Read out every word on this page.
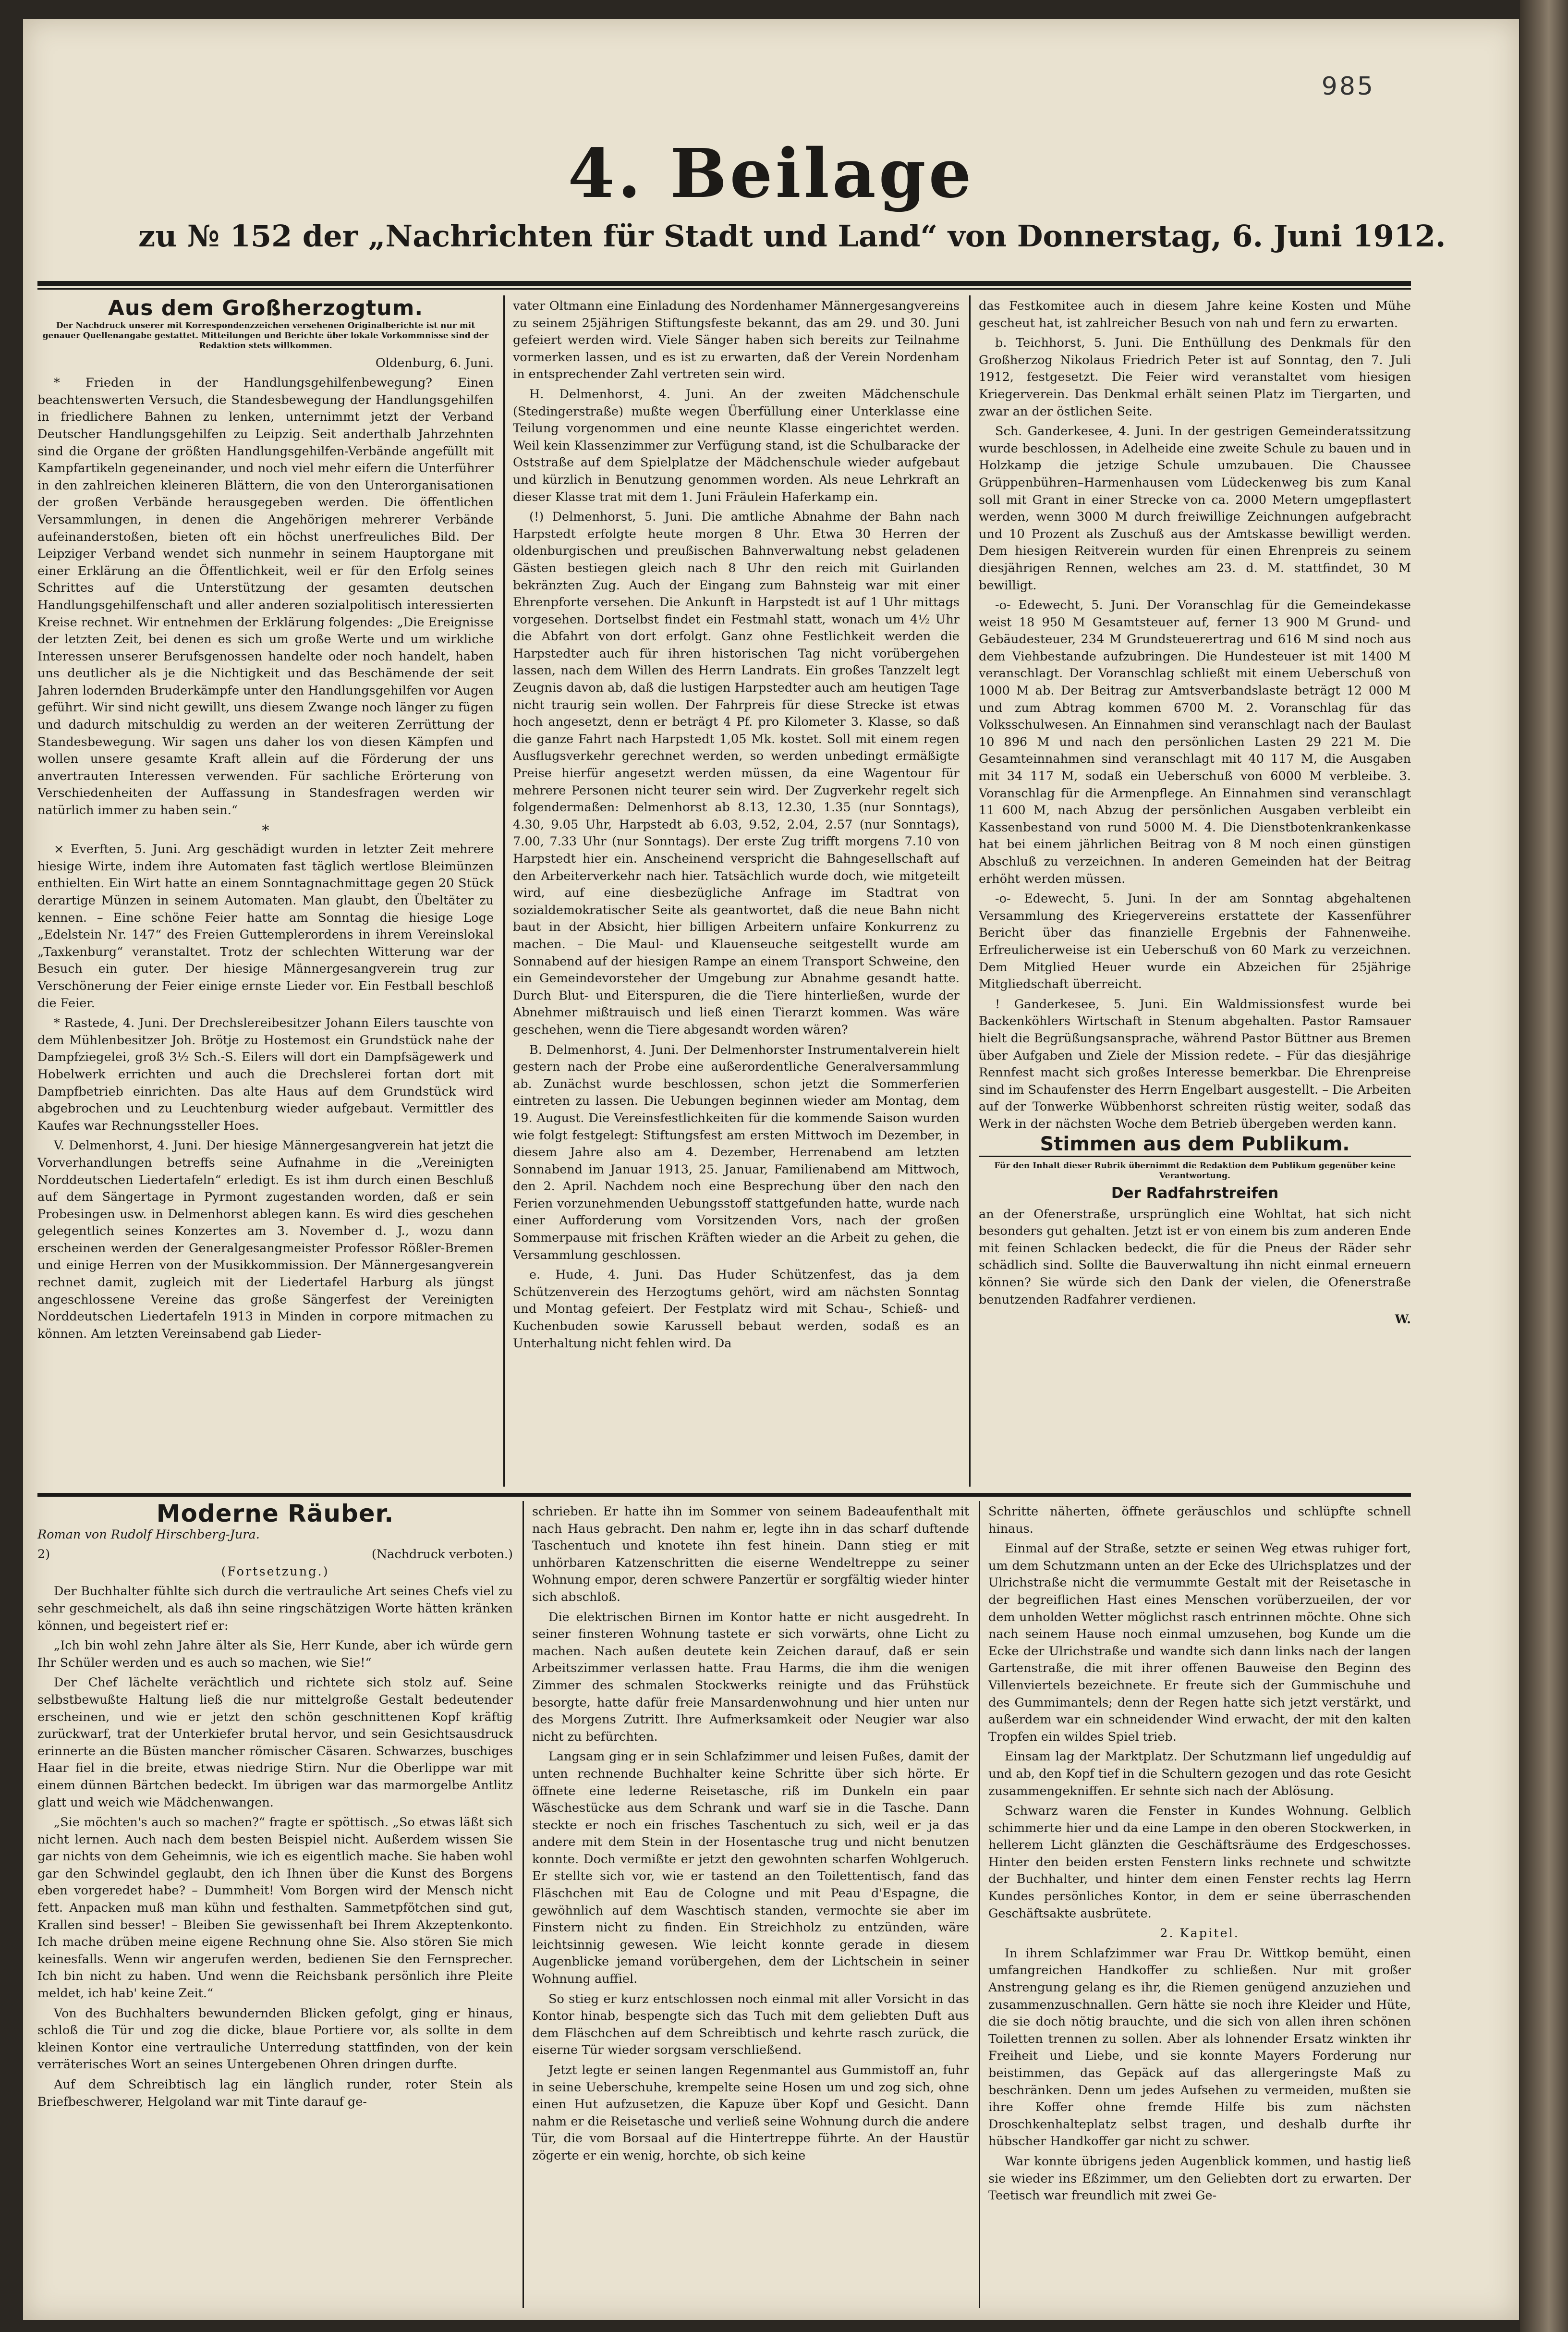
985
4. Beilage
zu № 152 der „Nachrichten für Stadt und Land“ von Donnerstag, 6. Juni 1912.
Aus dem Großherzogtum.
Der Nachdruck unserer mit Korrespondenzzeichen versehenen Originalberichte ist nur mit genauer Quellenangabe gestattet. Mitteilungen und Berichte über lokale Vorkommnisse sind der Redaktion stets willkommen.

Oldenburg, 6. Juni.

* Frieden in der Handlungsgehilfenbewegung? Einen beachtenswerten Versuch, die Standesbewegung der Handlungsgehilfen in friedlichere Bahnen zu lenken, unternimmt jetzt der Verband Deutscher Handlungsgehilfen zu Leipzig. Seit anderthalb Jahrzehnten sind die Organe der größten Handlungsgehilfen-Verbände angefüllt mit Kampfartikeln gegeneinander, und noch viel mehr eifern die Unterführer in den zahlreichen kleineren Blättern, die von den Unterorganisationen der großen Verbände herausgegeben werden. Die öffentlichen Versammlungen, in denen die Angehörigen mehrerer Verbände aufeinanderstoßen, bieten oft ein höchst unerfreuliches Bild. Der Leipziger Verband wendet sich nunmehr in seinem Hauptorgane mit einer Erklärung an die Öffentlichkeit, weil er für den Erfolg seines Schrittes auf die Unterstützung der gesamten deutschen Handlungsgehilfenschaft und aller anderen sozialpolitisch interessierten Kreise rechnet. Wir entnehmen der Erklärung folgendes: „Die Ereignisse der letzten Zeit, bei denen es sich um große Werte und um wirkliche Interessen unserer Berufsgenossen handelte oder noch handelt, haben uns deutlicher als je die Nichtigkeit und das Beschämende der seit Jahren lodernden Bruderkämpfe unter den Handlungsgehilfen vor Augen geführt. Wir sind nicht gewillt, uns diesem Zwange noch länger zu fügen und dadurch mitschuldig zu werden an der weiteren Zerrüttung der Standesbewegung. Wir sagen uns daher los von diesen Kämpfen und wollen unsere gesamte Kraft allein auf die Förderung der uns anvertrauten Interessen verwenden. Für sachliche Erörterung von Verschiedenheiten der Auffassung in Standesfragen werden wir natürlich immer zu haben sein.“

*

× Everften, 5. Juni. Arg geschädigt wurden in letzter Zeit mehrere hiesige Wirte, indem ihre Automaten fast täglich wertlose Bleimünzen enthielten. Ein Wirt hatte an einem Sonntagnachmittage gegen 20 Stück derartige Münzen in seinem Automaten. Man glaubt, den Übeltäter zu kennen. – Eine schöne Feier hatte am Sonntag die hiesige Loge „Edelstein Nr. 147“ des Freien Guttemplerordens in ihrem Vereinslokal „Taxkenburg“ veranstaltet. Trotz der schlechten Witterung war der Besuch ein guter. Der hiesige Männergesangverein trug zur Verschönerung der Feier einige ernste Lieder vor. Ein Festball beschloß die Feier.

* Rastede, 4. Juni. Der Drechslereibesitzer Johann Eilers tauschte von dem Mühlenbesitzer Joh. Brötje zu Hostemost ein Grundstück nahe der Dampfziegelei, groß 3½ Sch.-S. Eilers will dort ein Dampfsägewerk und Hobelwerk errichten und auch die Drechslerei fortan dort mit Dampfbetrieb einrichten. Das alte Haus auf dem Grundstück wird abgebrochen und zu Leuchtenburg wieder aufgebaut. Vermittler des Kaufes war Rechnungssteller Hoes.

V. Delmenhorst, 4. Juni. Der hiesige Männergesangverein hat jetzt die Vorverhandlungen betreffs seine Aufnahme in die „Vereinigten Norddeutschen Liedertafeln“ erledigt. Es ist ihm durch einen Beschluß auf dem Sängertage in Pyrmont zugestanden worden, daß er sein Probesingen usw. in Delmenhorst ablegen kann. Es wird dies geschehen gelegentlich seines Konzertes am 3. November d. J., wozu dann erscheinen werden der Generalgesangmeister Professor Rößler-Bremen und einige Herren von der Musikkommission. Der Männergesangverein rechnet damit, zugleich mit der Liedertafel Harburg als jüngst angeschlossene Vereine das große Sängerfest der Vereinigten Norddeutschen Liedertafeln 1913 in Minden in corpore mitmachen zu können. Am letzten Vereinsabend gab Lieder-

vater Oltmann eine Einladung des Nordenhamer Männergesangvereins zu seinem 25jährigen Stiftungsfeste bekannt, das am 29. und 30. Juni gefeiert werden wird. Viele Sänger haben sich bereits zur Teilnahme vormerken lassen, und es ist zu erwarten, daß der Verein Nordenham in entsprechender Zahl vertreten sein wird.

H. Delmenhorst, 4. Juni. An der zweiten Mädchenschule (Stedingerstraße) mußte wegen Überfüllung einer Unterklasse eine Teilung vorgenommen und eine neunte Klasse eingerichtet werden. Weil kein Klassenzimmer zur Verfügung stand, ist die Schulbaracke der Oststraße auf dem Spielplatze der Mädchenschule wieder aufgebaut und kürzlich in Benutzung genommen worden. Als neue Lehrkraft an dieser Klasse trat mit dem 1. Juni Fräulein Haferkamp ein.

(!) Delmenhorst, 5. Juni. Die amtliche Abnahme der Bahn nach Harpstedt erfolgte heute morgen 8 Uhr. Etwa 30 Herren der oldenburgischen und preußischen Bahnverwaltung nebst geladenen Gästen bestiegen gleich nach 8 Uhr den reich mit Guirlanden bekränzten Zug. Auch der Eingang zum Bahnsteig war mit einer Ehrenpforte versehen. Die Ankunft in Harpstedt ist auf 1 Uhr mittags vorgesehen. Dortselbst findet ein Festmahl statt, wonach um 4½ Uhr die Abfahrt von dort erfolgt. Ganz ohne Festlichkeit werden die Harpstedter auch für ihren historischen Tag nicht vorübergehen lassen, nach dem Willen des Herrn Landrats. Ein großes Tanzzelt legt Zeugnis davon ab, daß die lustigen Harpstedter auch am heutigen Tage nicht traurig sein wollen. Der Fahrpreis für diese Strecke ist etwas hoch angesetzt, denn er beträgt 4 Pf. pro Kilometer 3. Klasse, so daß die ganze Fahrt nach Harpstedt 1,05 Mk. kostet. Soll mit einem regen Ausflugsverkehr gerechnet werden, so werden unbedingt ermäßigte Preise hierfür angesetzt werden müssen, da eine Wagentour für mehrere Personen nicht teurer sein wird. Der Zugverkehr regelt sich folgendermaßen: Delmenhorst ab 8.13, 12.30, 1.35 (nur Sonntags), 4.30, 9.05 Uhr, Harpstedt ab 6.03, 9.52, 2.04, 2.57 (nur Sonntags), 7.00, 7.33 Uhr (nur Sonntags). Der erste Zug trifft morgens 7.10 von Harpstedt hier ein. Anscheinend verspricht die Bahngesellschaft auf den Arbeiterverkehr nach hier. Tatsächlich wurde doch, wie mitgeteilt wird, auf eine diesbezügliche Anfrage im Stadtrat von sozialdemokratischer Seite als geantwortet, daß die neue Bahn nicht baut in der Absicht, hier billigen Arbeitern unfaire Konkurrenz zu machen. – Die Maul- und Klauenseuche seitgestellt wurde am Sonnabend auf der hiesigen Rampe an einem Transport Schweine, den ein Gemeindevorsteher der Umgebung zur Abnahme gesandt hatte. Durch Blut- und Eiterspuren, die die Tiere hinterließen, wurde der Abnehmer mißtrauisch und ließ einen Tierarzt kommen. Was wäre geschehen, wenn die Tiere abgesandt worden wären?

B. Delmenhorst, 4. Juni. Der Delmenhorster Instrumentalverein hielt gestern nach der Probe eine außerordentliche Generalversammlung ab. Zunächst wurde beschlossen, schon jetzt die Sommerferien eintreten zu lassen. Die Uebungen beginnen wieder am Montag, dem 19. August. Die Vereinsfestlichkeiten für die kommende Saison wurden wie folgt festgelegt: Stiftungsfest am ersten Mittwoch im Dezember, in diesem Jahre also am 4. Dezember, Herrenabend am letzten Sonnabend im Januar 1913, 25. Januar, Familienabend am Mittwoch, den 2. April. Nachdem noch eine Besprechung über den nach den Ferien vorzunehmenden Uebungsstoff stattgefunden hatte, wurde nach einer Aufforderung vom Vorsitzenden Vors, nach der großen Sommerpause mit frischen Kräften wieder an die Arbeit zu gehen, die Versammlung geschlossen.

e. Hude, 4. Juni. Das Huder Schützenfest, das ja dem Schützenverein des Herzogtums gehört, wird am nächsten Sonntag und Montag gefeiert. Der Festplatz wird mit Schau-, Schieß- und Kuchenbuden sowie Karussell bebaut werden, sodaß es an Unterhaltung nicht fehlen wird. Da

das Festkomitee auch in diesem Jahre keine Kosten und Mühe gescheut hat, ist zahlreicher Besuch von nah und fern zu erwarten.

b. Teichhorst, 5. Juni. Die Enthüllung des Denkmals für den Großherzog Nikolaus Friedrich Peter ist auf Sonntag, den 7. Juli 1912, festgesetzt. Die Feier wird veranstaltet vom hiesigen Kriegerverein. Das Denkmal erhält seinen Platz im Tiergarten, und zwar an der östlichen Seite.

Sch. Ganderkesee, 4. Juni. In der gestrigen Gemeinderatssitzung wurde beschlossen, in Adelheide eine zweite Schule zu bauen und in Holzkamp die jetzige Schule umzubauen. Die Chaussee Grüppenbühren–Harmenhausen vom Lüdeckenweg bis zum Kanal soll mit Grant in einer Strecke von ca. 2000 Metern umgepflastert werden, wenn 3000 M durch freiwillige Zeichnungen aufgebracht und 10 Prozent als Zuschuß aus der Amtskasse bewilligt werden. Dem hiesigen Reitverein wurden für einen Ehrenpreis zu seinem diesjährigen Rennen, welches am 23. d. M. stattfindet, 30 M bewilligt.

-o- Edewecht, 5. Juni. Der Voranschlag für die Gemeindekasse weist 18 950 M Gesamtsteuer auf, ferner 13 900 M Grund- und Gebäudesteuer, 234 M Grundsteuerertrag und 616 M sind noch aus dem Viehbestande aufzubringen. Die Hundesteuer ist mit 1400 M veranschlagt. Der Voranschlag schließt mit einem Ueberschuß von 1000 M ab. Der Beitrag zur Amtsverbandslaste beträgt 12 000 M und zum Abtrag kommen 6700 M. 2. Voranschlag für das Volksschulwesen. An Einnahmen sind veranschlagt nach der Baulast 10 896 M und nach den persönlichen Lasten 29 221 M. Die Gesamteinnahmen sind veranschlagt mit 40 117 M, die Ausgaben mit 34 117 M, sodaß ein Ueberschuß von 6000 M verbleibe. 3. Voranschlag für die Armenpflege. An Einnahmen sind veranschlagt 11 600 M, nach Abzug der persönlichen Ausgaben verbleibt ein Kassenbestand von rund 5000 M. 4. Die Dienstbotenkrankenkasse hat bei einem jährlichen Beitrag von 8 M noch einen günstigen Abschluß zu verzeichnen. In anderen Gemeinden hat der Beitrag erhöht werden müssen.

-o- Edewecht, 5. Juni. In der am Sonntag abgehaltenen Versammlung des Kriegervereins erstattete der Kassenführer Bericht über das finanzielle Ergebnis der Fahnenweihe. Erfreulicherweise ist ein Ueberschuß von 60 Mark zu verzeichnen. Dem Mitglied Heuer wurde ein Abzeichen für 25jährige Mitgliedschaft überreicht.

! Ganderkesee, 5. Juni. Ein Waldmissionsfest wurde bei Backenköhlers Wirtschaft in Stenum abgehalten. Pastor Ramsauer hielt die Begrüßungsansprache, während Pastor Büttner aus Bremen über Aufgaben und Ziele der Mission redete. – Für das diesjährige Rennfest macht sich großes Interesse bemerkbar. Die Ehrenpreise sind im Schaufenster des Herrn Engelbart ausgestellt. – Die Arbeiten auf der Tonwerke Wübbenhorst schreiten rüstig weiter, sodaß das Werk in der nächsten Woche dem Betrieb übergeben werden kann.

Stimmen aus dem Publikum.
Für den Inhalt dieser Rubrik übernimmt die Redaktion dem Publikum gegenüber keine Verantwortung.
Der Radfahrstreifen

an der Ofenerstraße, ursprünglich eine Wohltat, hat sich nicht besonders gut gehalten. Jetzt ist er von einem bis zum anderen Ende mit feinen Schlacken bedeckt, die für die Pneus der Räder sehr schädlich sind. Sollte die Bauverwaltung ihn nicht einmal erneuern können? Sie würde sich den Dank der vielen, die Ofenerstraße benutzenden Radfahrer verdienen.

W.

Moderne Räuber.

Roman von Rudolf Hirschberg-Jura.

2)	(Nachdruck verboten.)

(Fortsetzung.)

Der Buchhalter fühlte sich durch die vertrauliche Art seines Chefs viel zu sehr geschmeichelt, als daß ihn seine ringschätzigen Worte hätten kränken können, und begeistert rief er:

„Ich bin wohl zehn Jahre älter als Sie, Herr Kunde, aber ich würde gern Ihr Schüler werden und es auch so machen, wie Sie!“

Der Chef lächelte verächtlich und richtete sich stolz auf. Seine selbstbewußte Haltung ließ die nur mittelgroße Gestalt bedeutender erscheinen, und wie er jetzt den schön geschnittenen Kopf kräftig zurückwarf, trat der Unterkiefer brutal hervor, und sein Gesichtsausdruck erinnerte an die Büsten mancher römischer Cäsaren. Schwarzes, buschiges Haar fiel in die breite, etwas niedrige Stirn. Nur die Oberlippe war mit einem dünnen Bärtchen bedeckt. Im übrigen war das marmorgelbe Antlitz glatt und weich wie Mädchenwangen.

„Sie möchten's auch so machen?“ fragte er spöttisch. „So etwas läßt sich nicht lernen. Auch nach dem besten Beispiel nicht. Außerdem wissen Sie gar nichts von dem Geheimnis, wie ich es eigentlich mache. Sie haben wohl gar den Schwindel geglaubt, den ich Ihnen über die Kunst des Borgens eben vorgeredet habe? – Dummheit! Vom Borgen wird der Mensch nicht fett. Anpacken muß man kühn und festhalten. Sammetpfötchen sind gut, Krallen sind besser! – Bleiben Sie gewissenhaft bei Ihrem Akzeptenkonto. Ich mache drüben meine eigene Rechnung ohne Sie. Also stören Sie mich keinesfalls. Wenn wir angerufen werden, bedienen Sie den Fernsprecher. Ich bin nicht zu haben. Und wenn die Reichsbank persönlich ihre Pleite meldet, ich hab' keine Zeit.“

Von des Buchhalters bewundernden Blicken gefolgt, ging er hinaus, schloß die Tür und zog die dicke, blaue Portiere vor, als sollte in dem kleinen Kontor eine vertrauliche Unterredung stattfinden, von der kein verräterisches Wort an seines Untergebenen Ohren dringen durfte.

Auf dem Schreibtisch lag ein länglich runder, roter Stein als Briefbeschwerer, Helgoland war mit Tinte darauf ge-

schrieben. Er hatte ihn im Sommer von seinem Badeaufenthalt mit nach Haus gebracht. Den nahm er, legte ihn in das scharf duftende Taschentuch und knotete ihn fest hinein. Dann stieg er mit unhörbaren Katzenschritten die eiserne Wendeltreppe zu seiner Wohnung empor, deren schwere Panzertür er sorgfältig wieder hinter sich abschloß.

Die elektrischen Birnen im Kontor hatte er nicht ausgedreht. In seiner finsteren Wohnung tastete er sich vorwärts, ohne Licht zu machen. Nach außen deutete kein Zeichen darauf, daß er sein Arbeitszimmer verlassen hatte. Frau Harms, die ihm die wenigen Zimmer des schmalen Stockwerks reinigte und das Frühstück besorgte, hatte dafür freie Mansardenwohnung und hier unten nur des Morgens Zutritt. Ihre Aufmerksamkeit oder Neugier war also nicht zu befürchten.

Langsam ging er in sein Schlafzimmer und leisen Fußes, damit der unten rechnende Buchhalter keine Schritte über sich hörte. Er öffnete eine lederne Reisetasche, riß im Dunkeln ein paar Wäschestücke aus dem Schrank und warf sie in die Tasche. Dann steckte er noch ein frisches Taschentuch zu sich, weil er ja das andere mit dem Stein in der Hosentasche trug und nicht benutzen konnte. Doch vermißte er jetzt den gewohnten scharfen Wohlgeruch. Er stellte sich vor, wie er tastend an den Toilettentisch, fand das Fläschchen mit Eau de Cologne und mit Peau d'Espagne, die gewöhnlich auf dem Waschtisch standen, vermochte sie aber im Finstern nicht zu finden. Ein Streichholz zu entzünden, wäre leichtsinnig gewesen. Wie leicht konnte gerade in diesem Augenblicke jemand vorübergehen, dem der Lichtschein in seiner Wohnung auffiel.

So stieg er kurz entschlossen noch einmal mit aller Vorsicht in das Kontor hinab, bespengte sich das Tuch mit dem geliebten Duft aus dem Fläschchen auf dem Schreibtisch und kehrte rasch zurück, die eiserne Tür wieder sorgsam verschließend.

Jetzt legte er seinen langen Regenmantel aus Gummistoff an, fuhr in seine Ueberschuhe, krempelte seine Hosen um und zog sich, ohne einen Hut aufzusetzen, die Kapuze über Kopf und Gesicht. Dann nahm er die Reisetasche und verließ seine Wohnung durch die andere Tür, die vom Borsaal auf die Hintertreppe führte. An der Haustür zögerte er ein wenig, horchte, ob sich keine

Schritte näherten, öffnete geräuschlos und schlüpfte schnell hinaus.

Einmal auf der Straße, setzte er seinen Weg etwas ruhiger fort, um dem Schutzmann unten an der Ecke des Ulrichsplatzes und der Ulrichstraße nicht die vermummte Gestalt mit der Reisetasche in der begreiflichen Hast eines Menschen vorüberzueilen, der vor dem unholden Wetter möglichst rasch entrinnen möchte. Ohne sich nach seinem Hause noch einmal umzusehen, bog Kunde um die Ecke der Ulrichstraße und wandte sich dann links nach der langen Gartenstraße, die mit ihrer offenen Bauweise den Beginn des Villenviertels bezeichnete. Er freute sich der Gummischuhe und des Gummimantels; denn der Regen hatte sich jetzt verstärkt, und außerdem war ein schneidender Wind erwacht, der mit den kalten Tropfen ein wildes Spiel trieb.

Einsam lag der Marktplatz. Der Schutzmann lief ungeduldig auf und ab, den Kopf tief in die Schultern gezogen und das rote Gesicht zusammengekniffen. Er sehnte sich nach der Ablösung.

Schwarz waren die Fenster in Kundes Wohnung. Gelblich schimmerte hier und da eine Lampe in den oberen Stockwerken, in hellerem Licht glänzten die Geschäftsräume des Erdgeschosses. Hinter den beiden ersten Fenstern links rechnete und schwitzte der Buchhalter, und hinter dem einen Fenster rechts lag Herrn Kundes persönliches Kontor, in dem er seine überraschenden Geschäftsakte ausbrütete.

2. Kapitel.

In ihrem Schlafzimmer war Frau Dr. Wittkop bemüht, einen umfangreichen Handkoffer zu schließen. Nur mit großer Anstrengung gelang es ihr, die Riemen genügend anzuziehen und zusammenzuschnallen. Gern hätte sie noch ihre Kleider und Hüte, die sie doch nötig brauchte, und die sich von allen ihren schönen Toiletten trennen zu sollen. Aber als lohnender Ersatz winkten ihr Freiheit und Liebe, und sie konnte Mayers Forderung nur beistimmen, das Gepäck auf das allergeringste Maß zu beschränken. Denn um jedes Aufsehen zu vermeiden, mußten sie ihre Koffer ohne fremde Hilfe bis zum nächsten Droschkenhalteplatz selbst tragen, und deshalb durfte ihr hübscher Handkoffer gar nicht zu schwer.

War konnte übrigens jeden Augenblick kommen, und hastig ließ sie wieder ins Eßzimmer, um den Geliebten dort zu erwarten. Der Teetisch war freundlich mit zwei Ge-
